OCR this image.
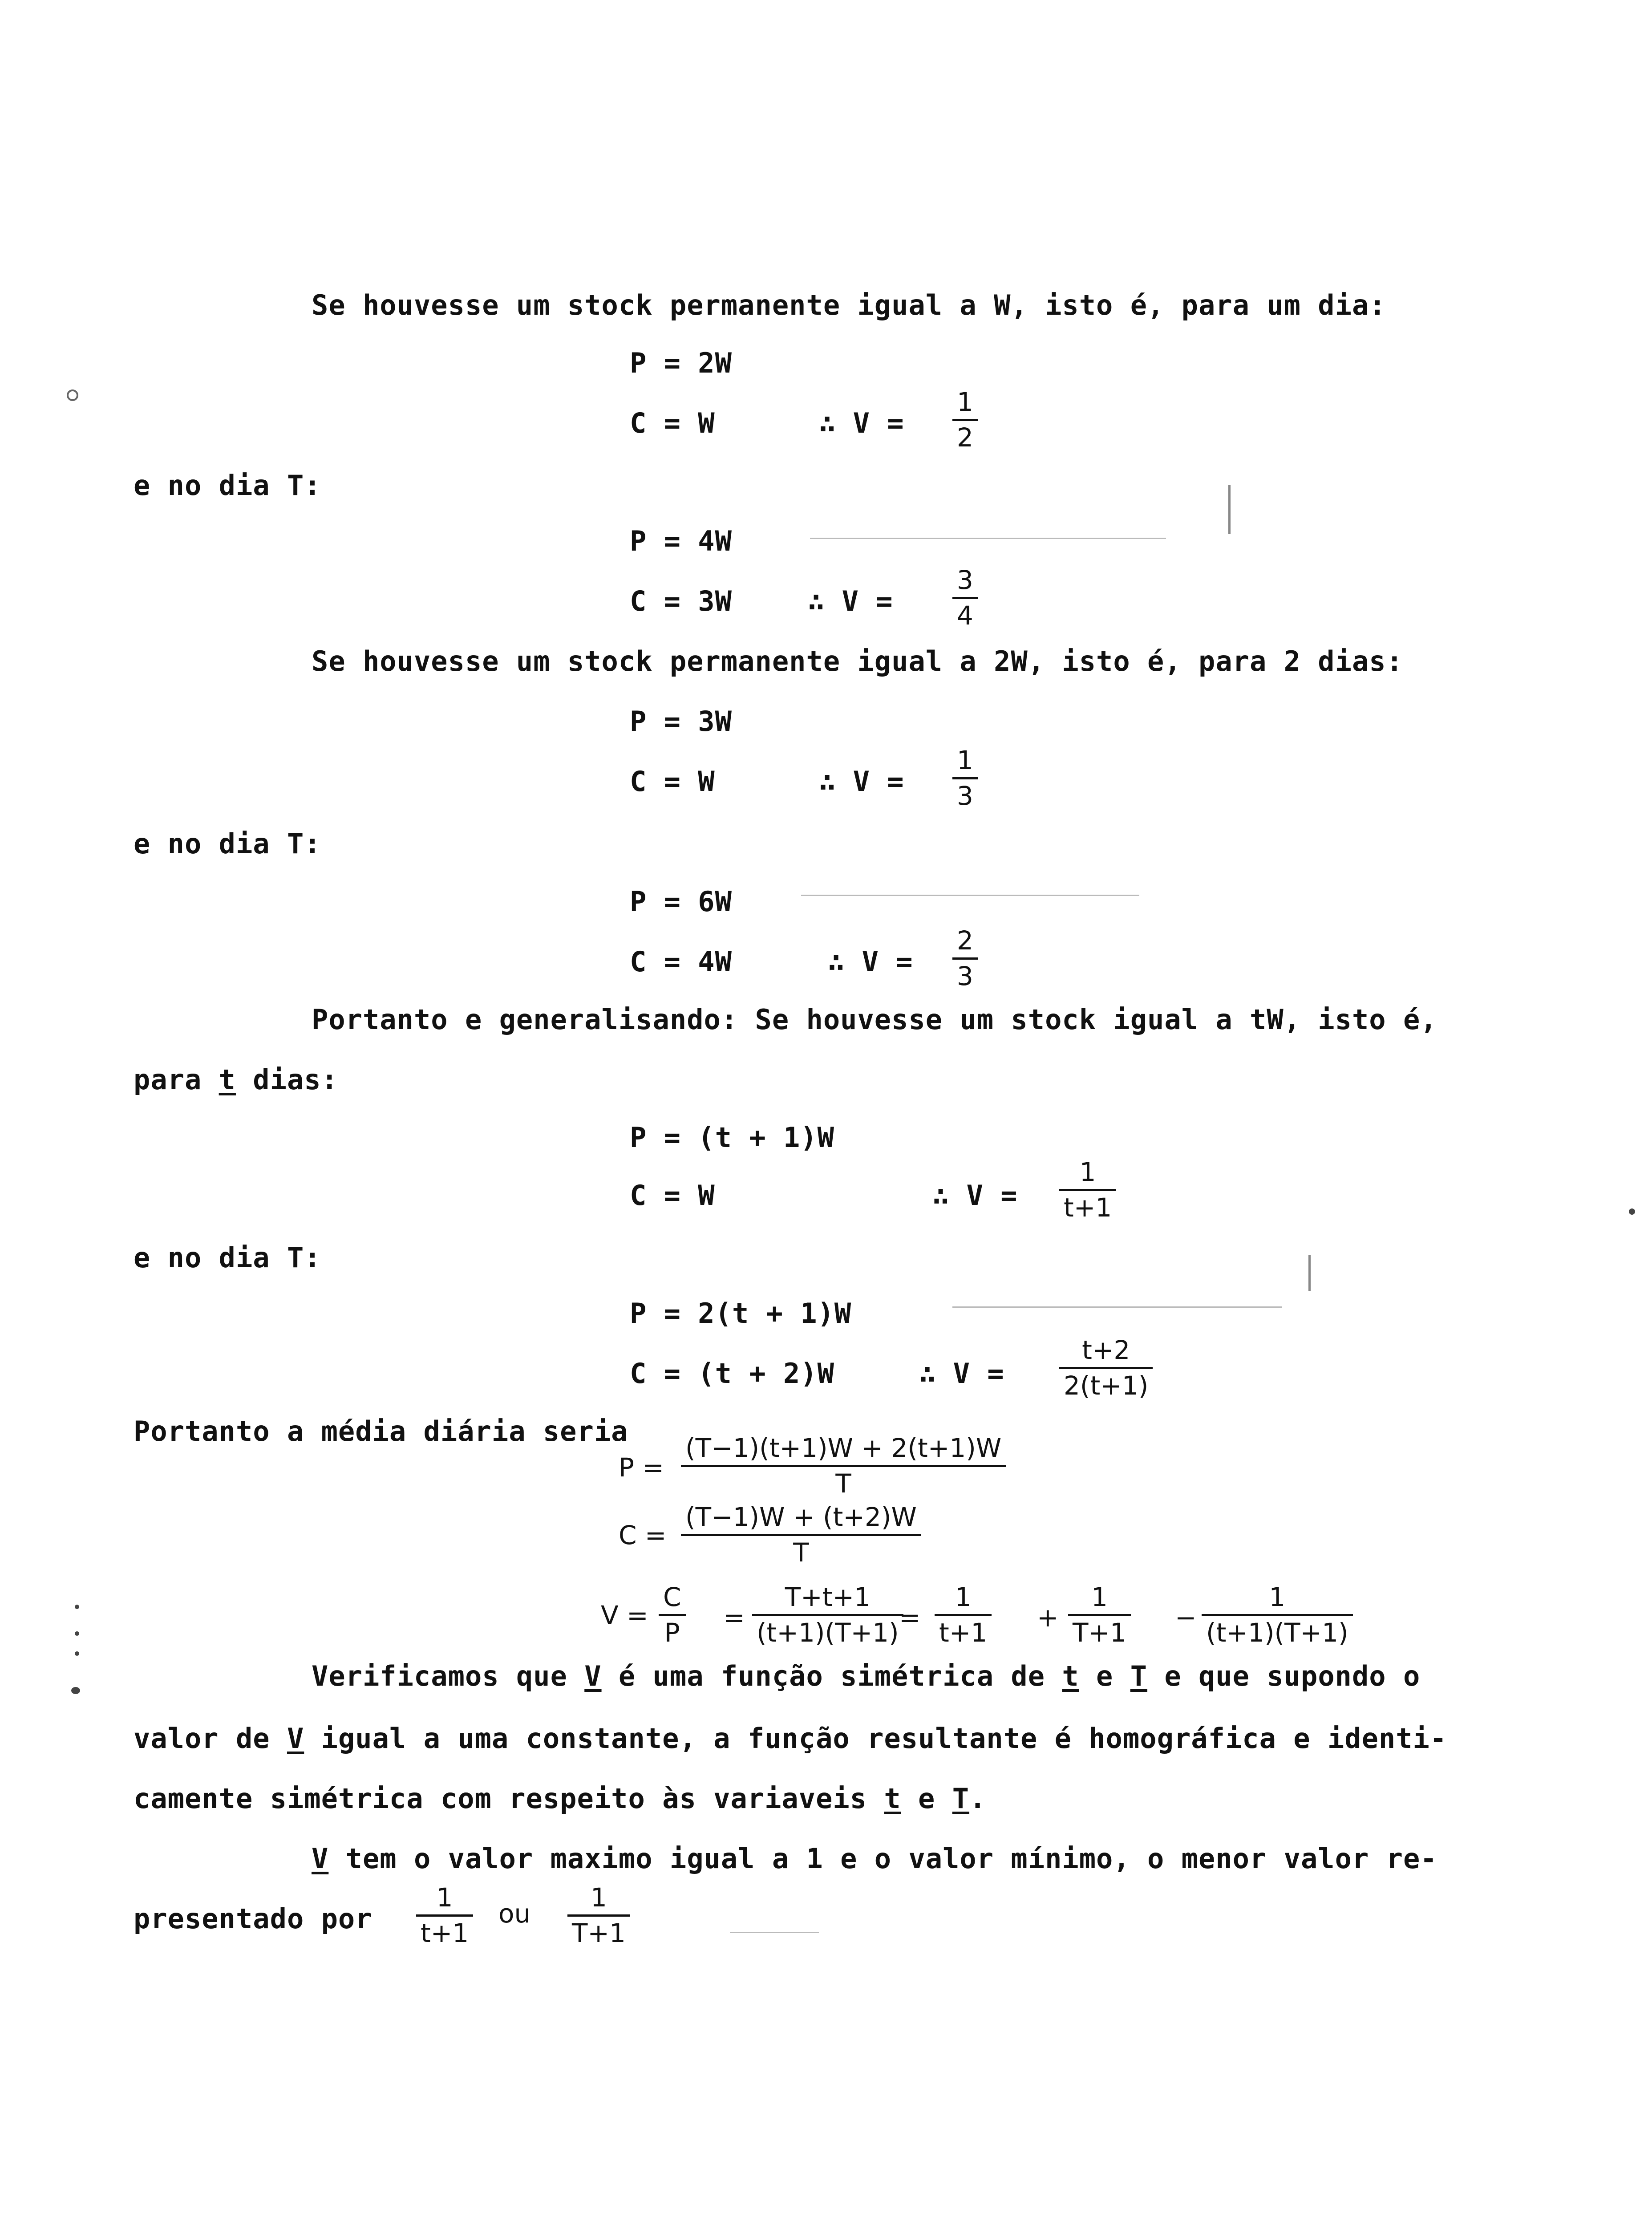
Se houvesse um stock permanente igual a W, isto é, para um dia:
P = 2W
C = W	∴ V =
1
2
e no dia T:
P = 4W
C = 3W	∴ V =
3
4
Se houvesse um stock permanente igual a 2W, isto é, para 2 dias:
P = 3W
C = W	∴ V =
1
3
e no dia T:
P = 6W
C = 4W	∴ V =
2
3
Portanto e generalisando: Se houvesse um stock igual a tW, isto é,
para t dias:
P = (t + 1)W
C = W	∴ V =
1
t+1
e no dia T:
P = 2(t + 1)W
C = (t + 2)W	∴ V =
t+2
2(t+1)
Portanto a média diária seria
P =
(T−1)(t+1)W + 2(t+1)W
T
C =
(T−1)W + (t+2)W
T
V =
C
P =
T+t+1
(t+1)(T+1) =
1
t+1 +
1
T+1 −
1
(t+1)(T+1)
Verificamos que V é uma função simétrica de t e T e que supondo o
valor de V igual a uma constante, a função resultante é homográfica e identi-
camente simétrica com respeito às variaveis t e T.
V tem o valor maximo igual a 1 e o valor mínimo, o menor valor re-
presentado por
1
t+1
ou
1
T+1
